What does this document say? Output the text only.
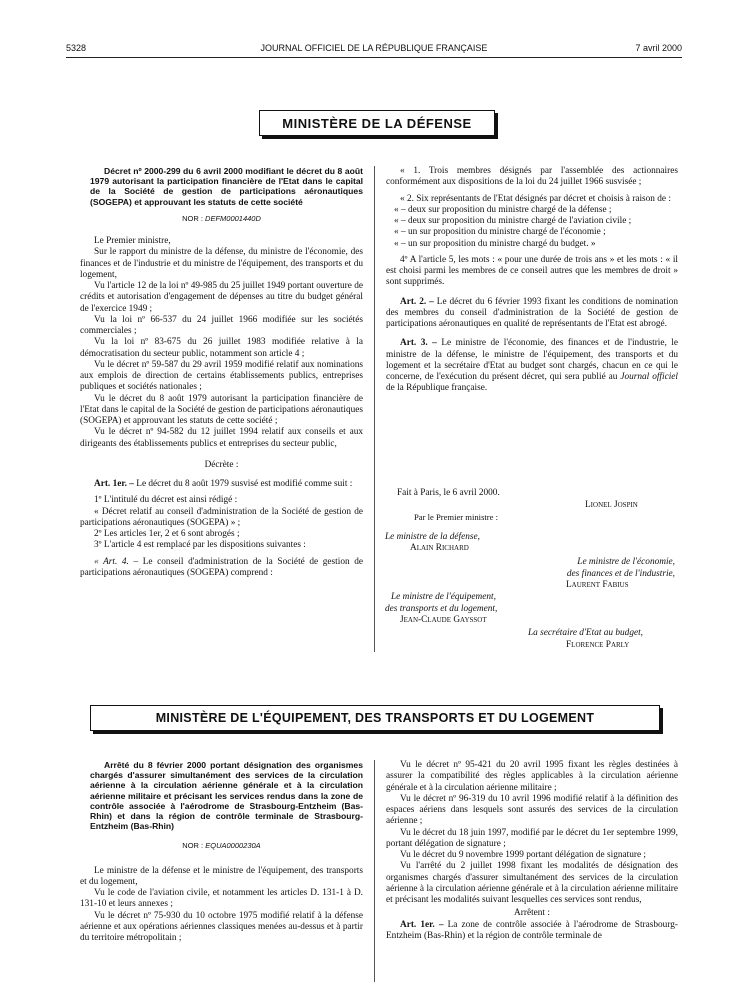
5328	JOURNAL OFFICIEL DE LA RÉPUBLIQUE FRANÇAISE	7 avril 2000
MINISTÈRE DE LA DÉFENSE

Décret nº 2000-299 du 6 avril 2000 modifiant le décret du 8 août 1979 autorisant la participation financière de l'Etat dans le capital de la Société de gestion de participations aéronautiques (SOGEPA) et approuvant les statuts de cette société

NOR : DEFM0001440D

Le Premier ministre,

Sur le rapport du ministre de la défense, du ministre de l'économie, des finances et de l'industrie et du ministre de l'équipement, des transports et du logement,

Vu l'article 12 de la loi nº 49-985 du 25 juillet 1949 portant ouverture de crédits et autorisation d'engagement de dépenses au titre du budget général de l'exercice 1949 ;

Vu la loi nº 66-537 du 24 juillet 1966 modifiée sur les sociétés commerciales ;

Vu la loi nº 83-675 du 26 juillet 1983 modifiée relative à la démocratisation du secteur public, notamment son article 4 ;

Vu le décret nº 59-587 du 29 avril 1959 modifié relatif aux nominations aux emplois de direction de certains établissements publics, entreprises publiques et sociétés nationales ;

Vu le décret du 8 août 1979 autorisant la participation financière de l'Etat dans le capital de la Société de gestion de participations aéronautiques (SOGEPA) et approuvant les statuts de cette société ;

Vu le décret nº 94-582 du 12 juillet 1994 relatif aux conseils et aux dirigeants des établissements publics et entreprises du secteur public,

Décrète :

Art. 1er. – Le décret du 8 août 1979 susvisé est modifié comme suit :

1º L'intitulé du décret est ainsi rédigé :

« Décret relatif au conseil d'administration de la Société de gestion de participations aéronautiques (SOGEPA) » ;

2º Les articles 1er, 2 et 6 sont abrogés ;

3º L'article 4 est remplacé par les dispositions suivantes :

« Art. 4. – Le conseil d'administration de la Société de gestion de participations aéronautiques (SOGEPA) comprend :

« 1. Trois membres désignés par l'assemblée des actionnaires conformément aux dispositions de la loi du 24 juillet 1966 susvisée ;

« 2. Six représentants de l'Etat désignés par décret et choisis à raison de :

« – deux sur proposition du ministre chargé de la défense ;

« – deux sur proposition du ministre chargé de l'aviation civile ;

« – un sur proposition du ministre chargé de l'économie ;

« – un sur proposition du ministre chargé du budget. »

4º A l'article 5, les mots : « pour une durée de trois ans » et les mots : « il est choisi parmi les membres de ce conseil autres que les membres de droit » sont supprimés.

Art. 2. – Le décret du 6 février 1993 fixant les conditions de nomination des membres du conseil d'administration de la Société de gestion de participations aéronautiques en qualité de représentants de l'Etat est abrogé.

Art. 3. – Le ministre de l'économie, des finances et de l'industrie, le ministre de la défense, le ministre de l'équipement, des transports et du logement et la secrétaire d'Etat au budget sont chargés, chacun en ce qui le concerne, de l'exécution du présent décret, qui sera publié au Journal officiel de la République française.

Fait à Paris, le 6 avril 2000.
Lionel Jospin
Par le Premier ministre :
Le ministre de la défense,
Alain Richard
Le ministre de l'économie,
des finances et de l'industrie,
Laurent Fabius
Le ministre de l'équipement,
des transports et du logement,
Jean-Claude Gayssot
La secrétaire d'Etat au budget,
Florence Parly
MINISTÈRE DE L'ÉQUIPEMENT, DES TRANSPORTS ET DU LOGEMENT

Arrêté du 8 février 2000 portant désignation des organismes chargés d'assurer simultanément des services de la circulation aérienne à la circulation aérienne générale et à la circulation aérienne militaire et précisant les services rendus dans la zone de contrôle associée à l'aérodrome de Strasbourg-Entzheim (Bas-Rhin) et dans la région de contrôle terminale de Strasbourg-Entzheim (Bas-Rhin)

NOR : EQUA0000230A

Le ministre de la défense et le ministre de l'équipement, des transports et du logement,

Vu le code de l'aviation civile, et notamment les articles D. 131-1 à D. 131-10 et leurs annexes ;

Vu le décret nº 75-930 du 10 octobre 1975 modifié relatif à la défense aérienne et aux opérations aériennes classiques menées au-dessus et à partir du territoire métropolitain ;

Vu le décret nº 95-421 du 20 avril 1995 fixant les règles destinées à assurer la compatibilité des règles applicables à la circulation aérienne générale et à la circulation aérienne militaire ;

Vu le décret nº 96-319 du 10 avril 1996 modifié relatif à la définition des espaces aériens dans lesquels sont assurés des services de la circulation aérienne ;

Vu le décret du 18 juin 1997, modifié par le décret du 1er septembre 1999, portant délégation de signature ;

Vu le décret du 9 novembre 1999 portant délégation de signature ;

Vu l'arrêté du 2 juillet 1998 fixant les modalités de désignation des organismes chargés d'assurer simultanément des services de la circulation aérienne à la circulation aérienne générale et à la circulation aérienne militaire et précisant les modalités suivant lesquelles ces services sont rendus,

Arrêtent :

Art. 1er. – La zone de contrôle associée à l'aérodrome de Strasbourg-Entzheim (Bas-Rhin) et la région de contrôle terminale de
